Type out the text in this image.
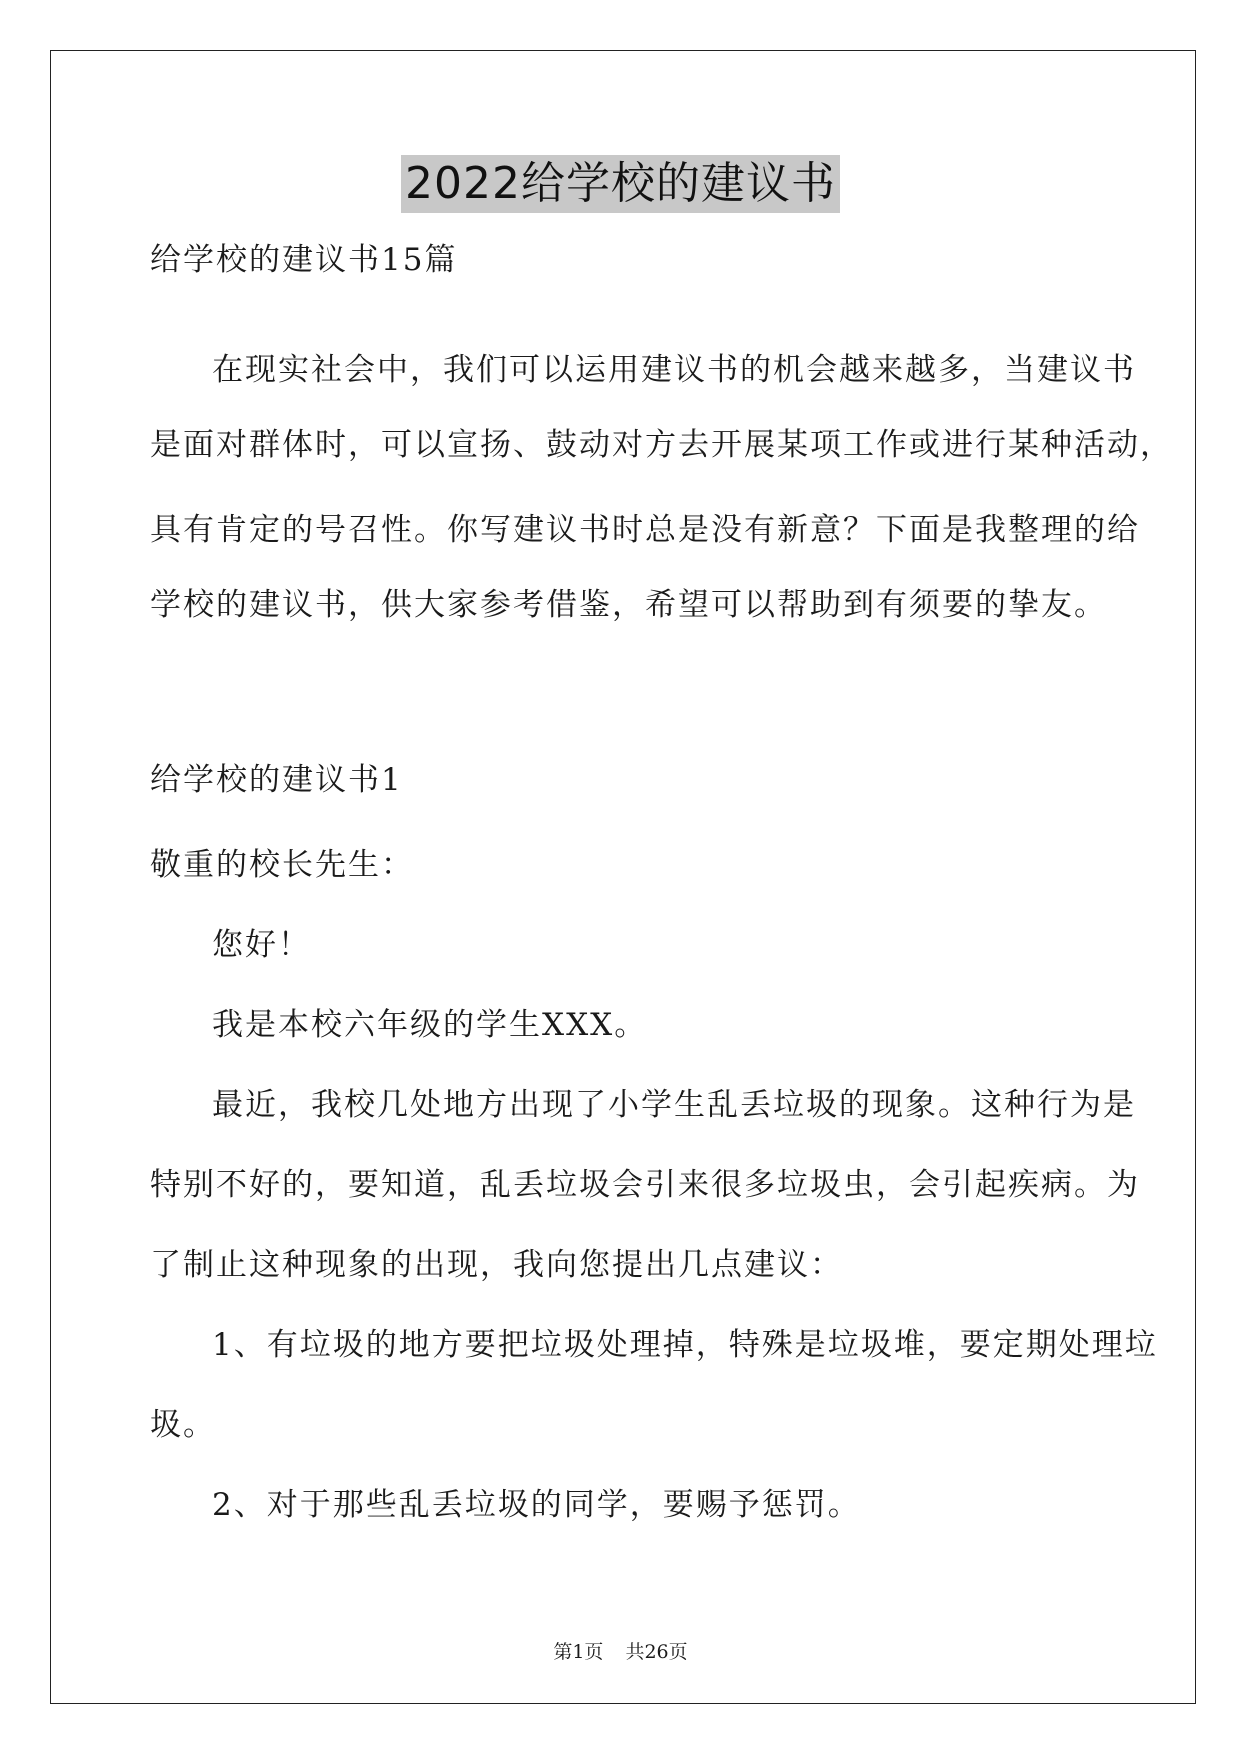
2022给学校的建议书
给学校的建议书15篇
在现实社会中，我们可以运用建议书的机会越来越多，当建议书
是面对群体时，可以宣扬、鼓动对方去开展某项工作或进行某种活动，
具有肯定的号召性。你写建议书时总是没有新意？下面是我整理的给
学校的建议书，供大家参考借鉴，希望可以帮助到有须要的挚友。
给学校的建议书1
敬重的校长先生：
您好！
我是本校六年级的学生XXX。
最近，我校几处地方出现了小学生乱丢垃圾的现象。这种行为是
特别不好的，要知道，乱丢垃圾会引来很多垃圾虫，会引起疾病。为
了制止这种现象的出现，我向您提出几点建议：
1、有垃圾的地方要把垃圾处理掉，特殊是垃圾堆，要定期处理垃
圾。
2、对于那些乱丢垃圾的同学，要赐予惩罚。
第1页 共26页
